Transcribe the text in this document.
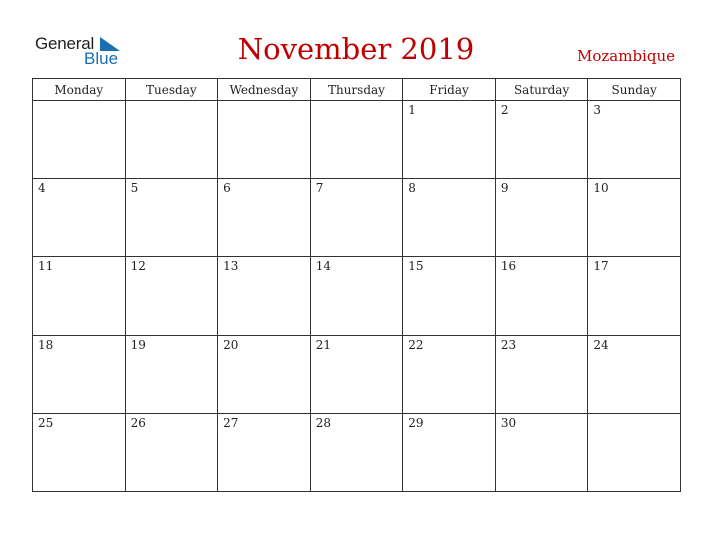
General
Blue	November 2019	Mozambique
Monday	Tuesday	Wednesday	Thursday	Friday	Saturday	Sunday

				1	2	3

4	5	6	7	8	9	10

11	12	13	14	15	16	17

18	19	20	21	22	23	24

25	26	27	28	29	30	
